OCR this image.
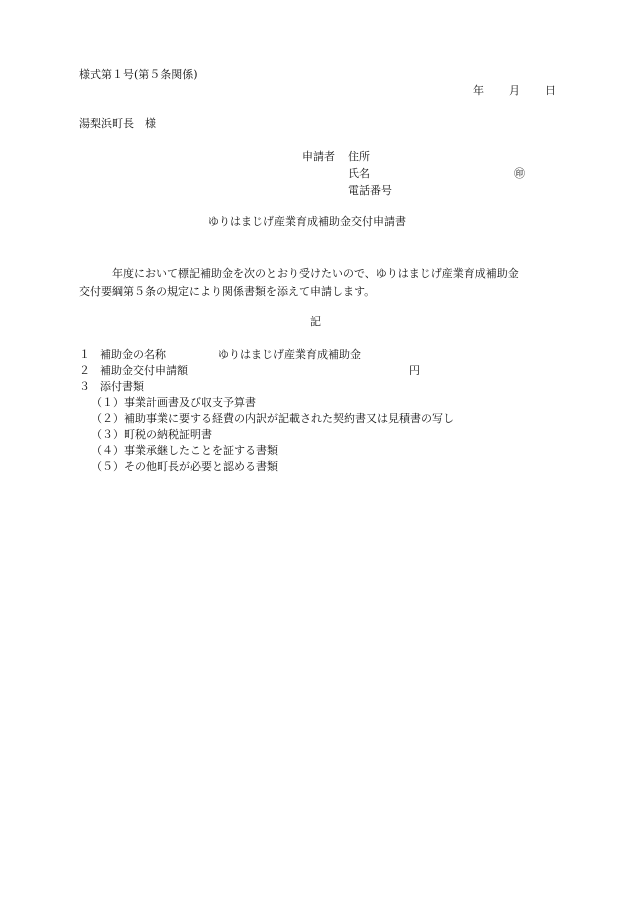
様式第１号(第５条関係)
年 月 日
湯梨浜町長　様
申請者 住所
氏名	㊞
電話番号
ゆりはまじげ産業育成補助金交付申請書
年度において標記補助金を次のとおり受けたいので、ゆりはまじげ産業育成補助金
交付要綱第５条の規定により関係書類を添えて申請します。
記
１ 補助金の名称	ゆりはまじげ産業育成補助金
２ 補助金交付申請額	円
３ 添付書類
（１）事業計画書及び収支予算書
（２）補助事業に要する経費の内訳が記載された契約書又は見積書の写し
（３）町税の納税証明書
（４）事業承継したことを証する書類
（５）その他町長が必要と認める書類
